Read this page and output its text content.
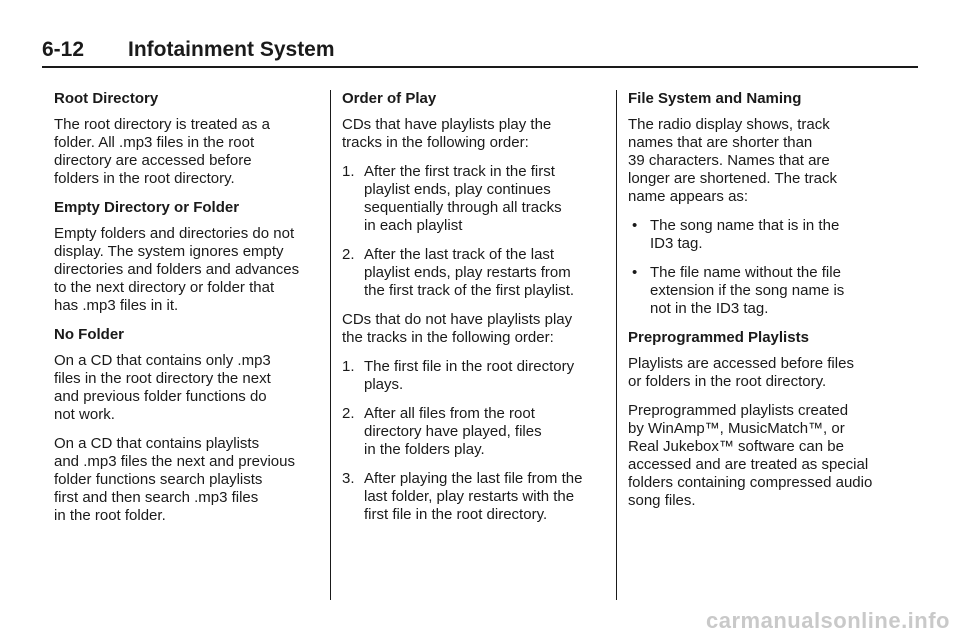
6-12 Infotainment System
Root Directory
The root directory is treated as a
folder. All .mp3 files in the root
directory are accessed before
folders in the root directory.
Empty Directory or Folder
Empty folders and directories do not
display. The system ignores empty
directories and folders and advances
to the next directory or folder that
has .mp3 files in it.
No Folder
On a CD that contains only .mp3
files in the root directory the next
and previous folder functions do
not work.
On a CD that contains playlists
and .mp3 files the next and previous
folder functions search playlists
first and then search .mp3 files
in the root folder.
Order of Play
CDs that have playlists play the
tracks in the following order:
1. After the first track in the first
playlist ends, play continues
sequentially through all tracks
in each playlist
2. After the last track of the last
playlist ends, play restarts from
the first track of the first playlist.
CDs that do not have playlists play
the tracks in the following order:
1. The first file in the root directory
plays.
2. After all files from the root
directory have played, files
in the folders play.
3. After playing the last file from the
last folder, play restarts with the
first file in the root directory.
File System and Naming
The radio display shows, track
names that are shorter than
39 characters. Names that are
longer are shortened. The track
name appears as:
• The song name that is in the
ID3 tag.
• The file name without the file
extension if the song name is
not in the ID3 tag.
Preprogrammed Playlists
Playlists are accessed before files
or folders in the root directory.
Preprogrammed playlists created
by WinAmp™, MusicMatch™, or
Real Jukebox™ software can be
accessed and are treated as special
folders containing compressed audio
song files.
carmanualsonline.info
